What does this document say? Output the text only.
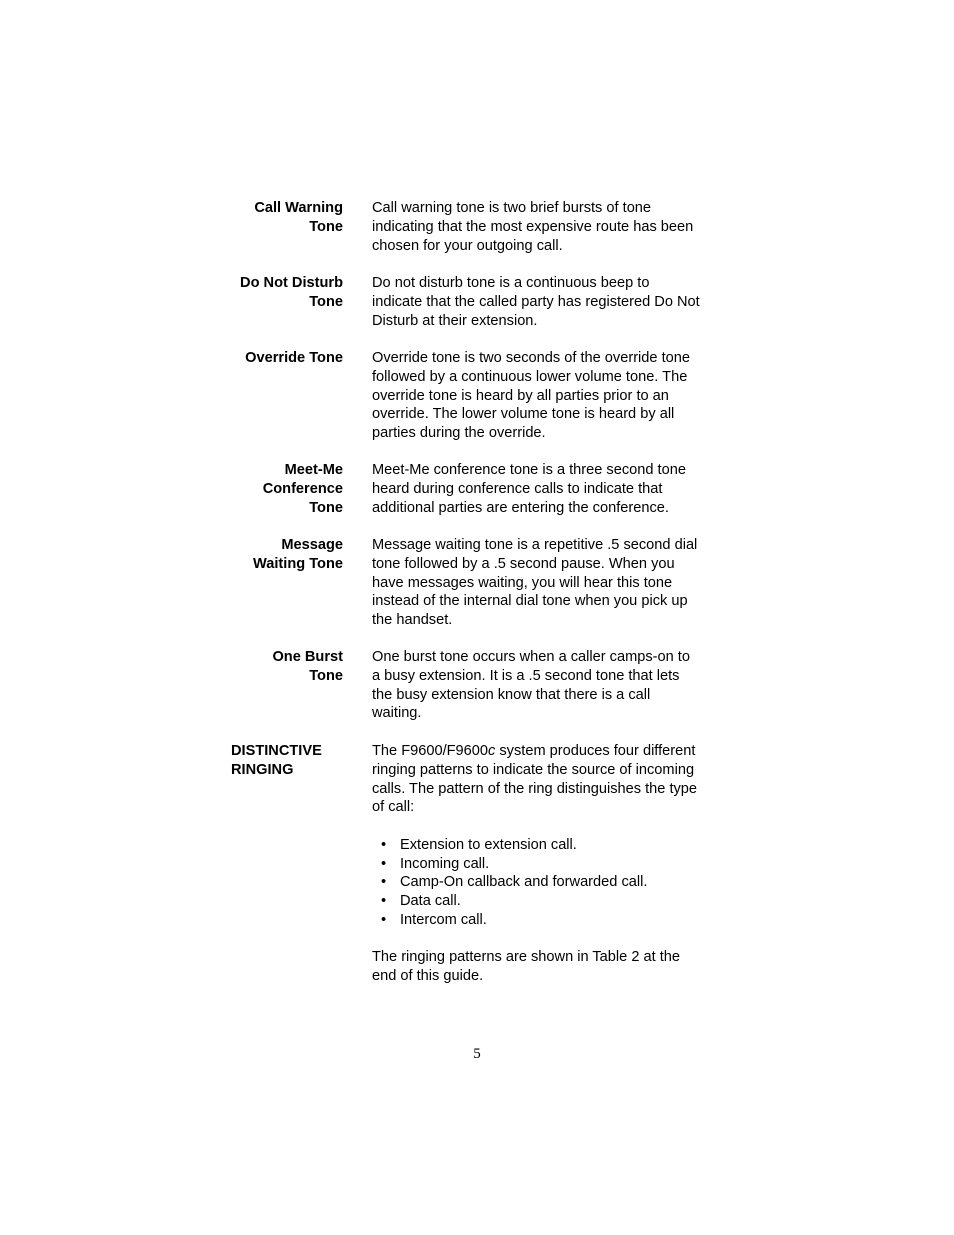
Call Warning
Tone
Call warning tone is two brief bursts of tone
indicating that the most expensive route has been
chosen for your outgoing call.
Do Not Disturb
Tone
Do not disturb tone is a continuous beep to
indicate that the called party has registered Do Not
Disturb at their extension.
Override Tone Override tone is two seconds of the override tone
followed by a continuous lower volume tone. The
override tone is heard by all parties prior to an
override. The lower volume tone is heard by all
parties during the override.
Meet-Me
Conference
Tone
Meet-Me conference tone is a three second tone
heard during conference calls to indicate that
additional parties are entering the conference.
Message
Waiting Tone
Message waiting tone is a repetitive .5 second dial
tone followed by a .5 second pause. When you
have messages waiting, you will hear this tone
instead of the internal dial tone when you pick up
the handset.
One Burst
Tone
One burst tone occurs when a caller camps-on to
a busy extension. It is a .5 second tone that lets
the busy extension know that there is a call
waiting.
DISTINCTIVE
RINGING
The F9600/F9600c system produces four different
ringing patterns to indicate the source of incoming
calls. The pattern of the ring distinguishes the type
of call:
• Extension to extension call.
• Incoming call.
• Camp-On callback and forwarded call.
• Data call.
• Intercom call.
The ringing patterns are shown in Table 2 at the
end of this guide.
5
